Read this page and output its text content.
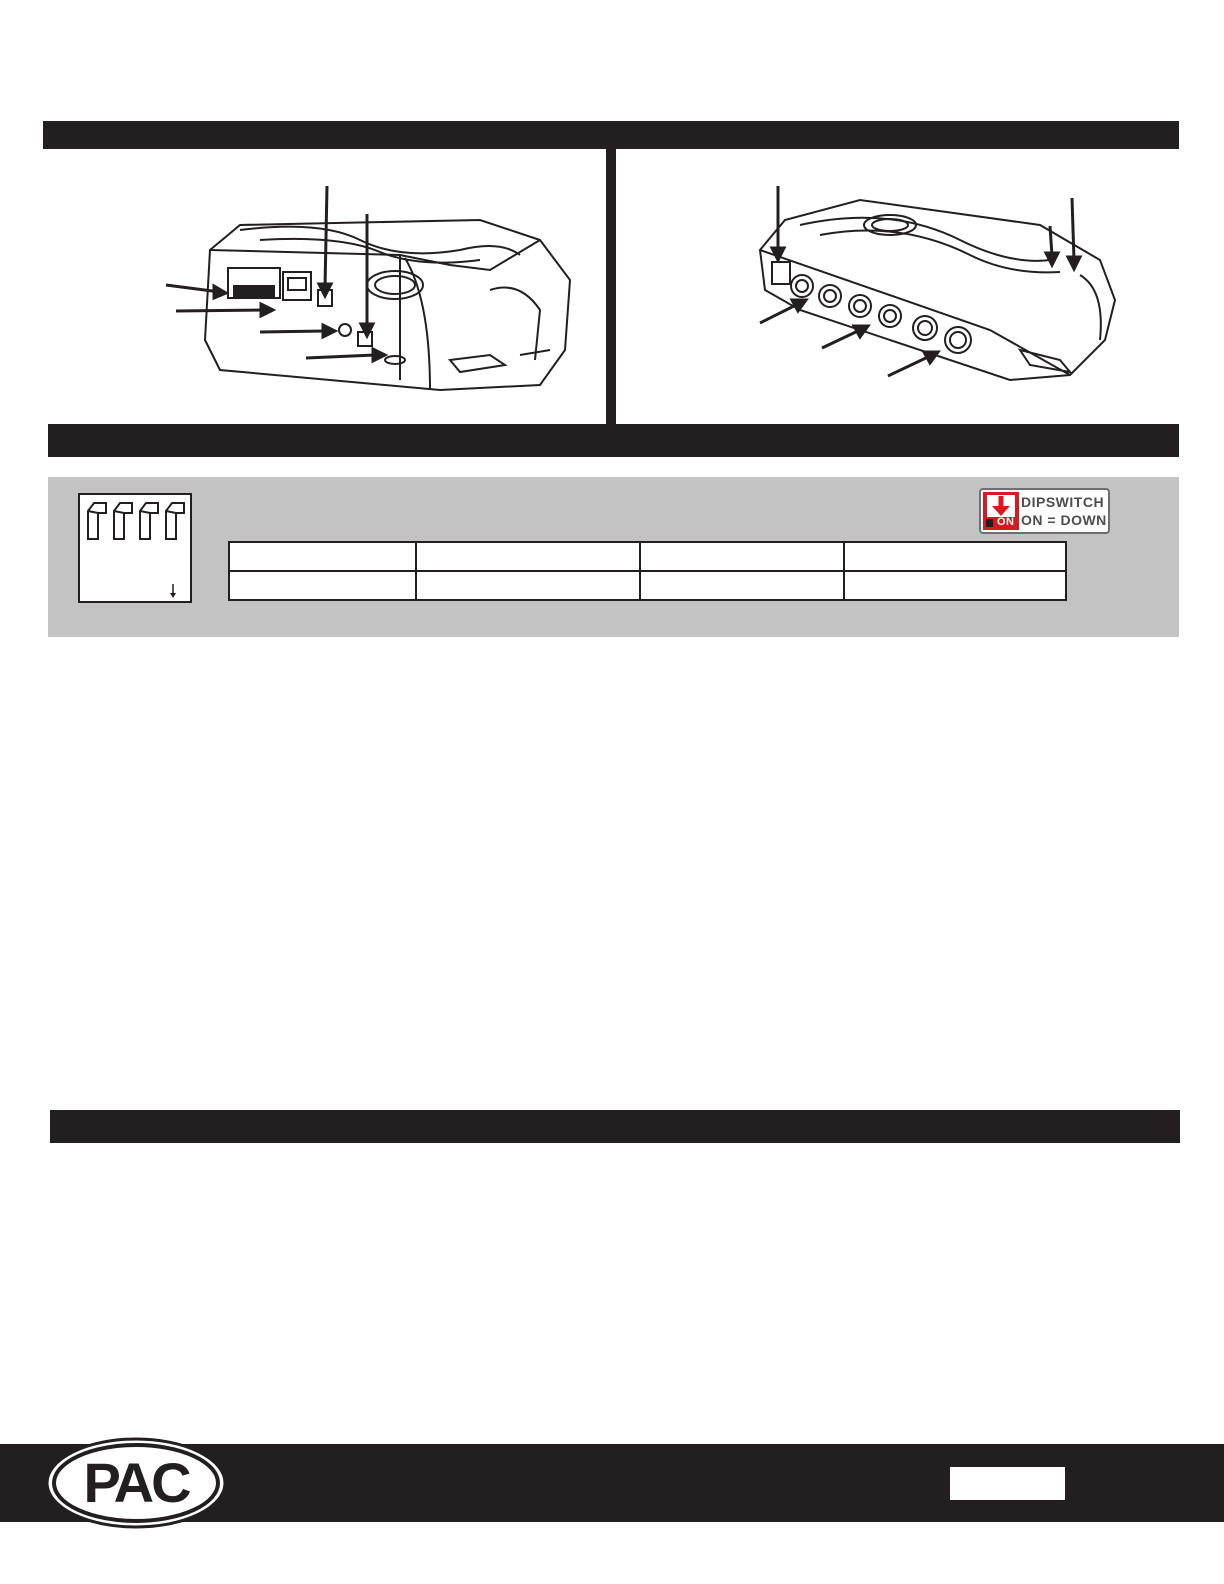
ON
DIPSWITCH
ON = DOWN
PAC
